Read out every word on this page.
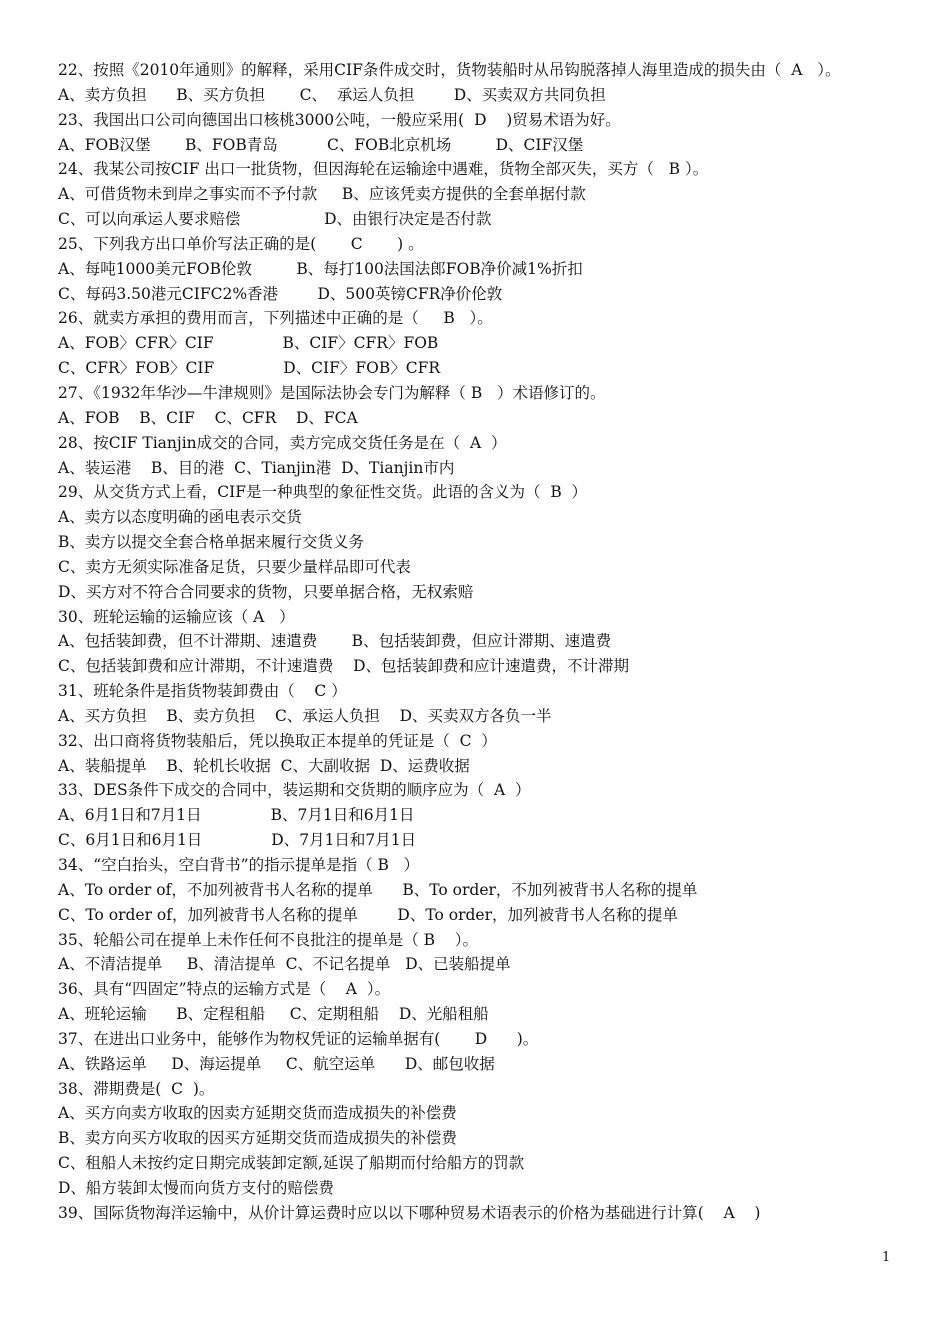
22、按照《2010年通则》的解释，采用CIF条件成交时，货物装船时从吊钩脱落掉人海里造成的损失由（  A   ）。
A、卖方负担      B、买方负担       C、  承运人负担        D、买卖双方共同负担
23、我国出口公司向德国出口核桃3000公吨，一般应采用(  D    )贸易术语为好。
A、FOB汉堡       B、FOB青岛          C、FOB北京机场         D、CIF汉堡
24、我某公司按CIF 出口一批货物，但因海轮在运输途中遇难，货物全部灭失，买方（   B ）。
A、可借货物未到岸之事实而不予付款     B、应该凭卖方提供的全套单据付款
C、可以向承运人要求赔偿                 D、由银行决定是否付款
25、下列我方出口单价写法正确的是(       C       ) 。
A、每吨1000美元FOB伦敦         B、每打100法国法郎FOB净价减1%折扣
C、每码3.50港元CIFC2%香港        D、500英镑CFR净价伦敦
26、就卖方承担的费用而言，下列描述中正确的是（     B   ）。
A、FOB〉CFR〉CIF              B、CIF〉CFR〉FOB
C、CFR〉FOB〉CIF              D、CIF〉FOB〉CFR
27、《1932年华沙—牛津规则》是国际法协会专门为解释（ B   ）术语修订的。
A、FOB    B、CIF    C、CFR    D、FCA
28、按CIF Tianjin成交的合同，卖方完成交货任务是在（  A  ）
A、装运港    B、目的港  C、Tianjin港  D、Tianjin市内
29、从交货方式上看，CIF是一种典型的象征性交货。此语的含义为（  B  ）
A、卖方以态度明确的函电表示交货
B、卖方以提交全套合格单据来履行交货义务
C、卖方无须实际准备足货，只要少量样品即可代表
D、买方对不符合合同要求的货物，只要单据合格，无权索赔
30、班轮运输的运输应该（ A   ）
A、包括装卸费，但不计滞期、速遣费       B、包括装卸费，但应计滞期、速遣费
C、包括装卸费和应计滞期，不计速遣费    D、包括装卸费和应计速遣费，不计滞期
31、班轮条件是指货物装卸费由（    C ）
A、买方负担    B、卖方负担    C、承运人负担    D、买卖双方各负一半
32、出口商将货物装船后，凭以换取正本提单的凭证是（  C  ）
A、装船提单    B、轮机长收据  C、大副收据  D、运费收据
33、DES条件下成交的合同中，装运期和交货期的顺序应为（  A  ）
A、6月1日和7月1日              B、7月1日和6月1日
C、6月1日和6月1日              D、7月1日和7月1日
34、“空白抬头，空白背书”的指示提单是指（ B   ）
A、To order of，不加列被背书人名称的提单      B、To order，不加列被背书人名称的提单
C、To order of，加列被背书人名称的提单        D、To order，加列被背书人名称的提单
35、轮船公司在提单上未作任何不良批注的提单是（ B    ）。
A、不清洁提单     B、清洁提单  C、不记名提单   D、已装船提单
36、具有“四固定”特点的运输方式是（    A  ）。
A、班轮运输      B、定程租船     C、定期租船    D、光船租船
37、在进出口业务中，能够作为物权凭证的运输单据有(       D      )。
A、铁路运单     D、海运提单     C、航空运单      D、邮包收据
38、滞期费是(  C  )。
A、买方向卖方收取的因卖方延期交货而造成损失的补偿费
B、卖方向买方收取的因买方延期交货而造成损失的补偿费
C、租船人未按约定日期完成装卸定额,延误了船期而付给船方的罚款
D、船方装卸太慢而向货方支付的赔偿费
39、国际货物海洋运输中，从价计算运费时应以以下哪种贸易术语表示的价格为基础进行计算(    A    )
1
